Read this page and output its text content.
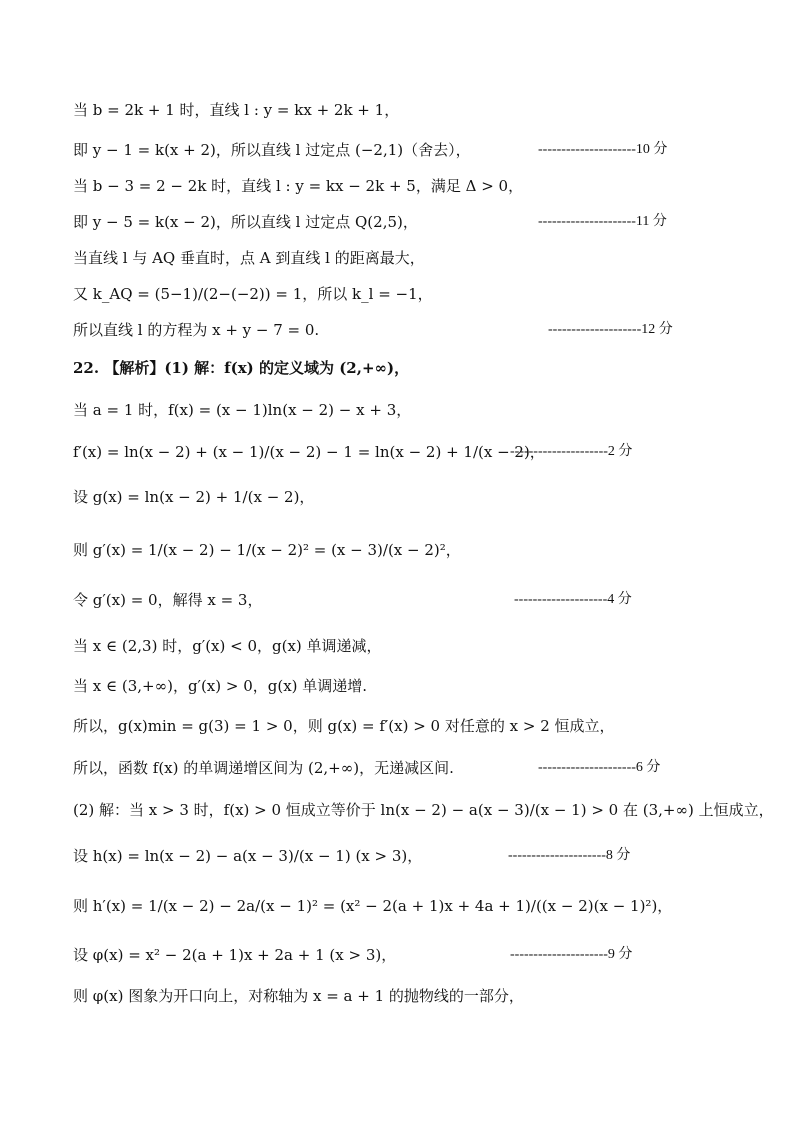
当 b = 2k + 1 时，直线 l : y = kx + 2k + 1，
即 y − 1 = k(x + 2)，所以直线 l 过定点 (−2,1)（舍去），	---------------------10 分
当 b − 3 = 2 − 2k 时，直线 l : y = kx − 2k + 5，满足 Δ > 0，
即 y − 5 = k(x − 2)，所以直线 l 过定点 Q(2,5)，	---------------------11 分
当直线 l 与 AQ 垂直时，点 A 到直线 l 的距离最大，
又 k_AQ = (5−1)/(2−(−2)) = 1，所以 k_l = −1，
所以直线 l 的方程为 x + y − 7 = 0.	--------------------12 分
22. 【解析】(1) 解：f(x) 的定义域为 (2,+∞)，
当 a = 1 时，f(x) = (x − 1)ln(x − 2) − x + 3，
f′(x) = ln(x − 2) + (x − 1)/(x − 2) − 1 = ln(x − 2) + 1/(x − 2)，
---------------------2 分
设 g(x) = ln(x − 2) + 1/(x − 2)，
则 g′(x) = 1/(x − 2) − 1/(x − 2)² = (x − 3)/(x − 2)²，
令 g′(x) = 0，解得 x = 3，	--------------------4 分
当 x ∈ (2,3) 时，g′(x) < 0，g(x) 单调递减，
当 x ∈ (3,+∞)，g′(x) > 0，g(x) 单调递增.
所以，g(x)min = g(3) = 1 > 0，则 g(x) = f′(x) > 0 对任意的 x > 2 恒成立，
所以，函数 f(x) 的单调递增区间为 (2,+∞)，无递减区间.	---------------------6 分
(2) 解：当 x > 3 时，f(x) > 0 恒成立等价于 ln(x − 2) − a(x − 3)/(x − 1) > 0 在 (3,+∞) 上恒成立，
设 h(x) = ln(x − 2) − a(x − 3)/(x − 1) (x > 3)，	---------------------8 分
则 h′(x) = 1/(x − 2) − 2a/(x − 1)² = (x² − 2(a + 1)x + 4a + 1)/((x − 2)(x − 1)²)，
设 φ(x) = x² − 2(a + 1)x + 2a + 1 (x > 3)，	---------------------9 分
则 φ(x) 图象为开口向上，对称轴为 x = a + 1 的抛物线的一部分，
